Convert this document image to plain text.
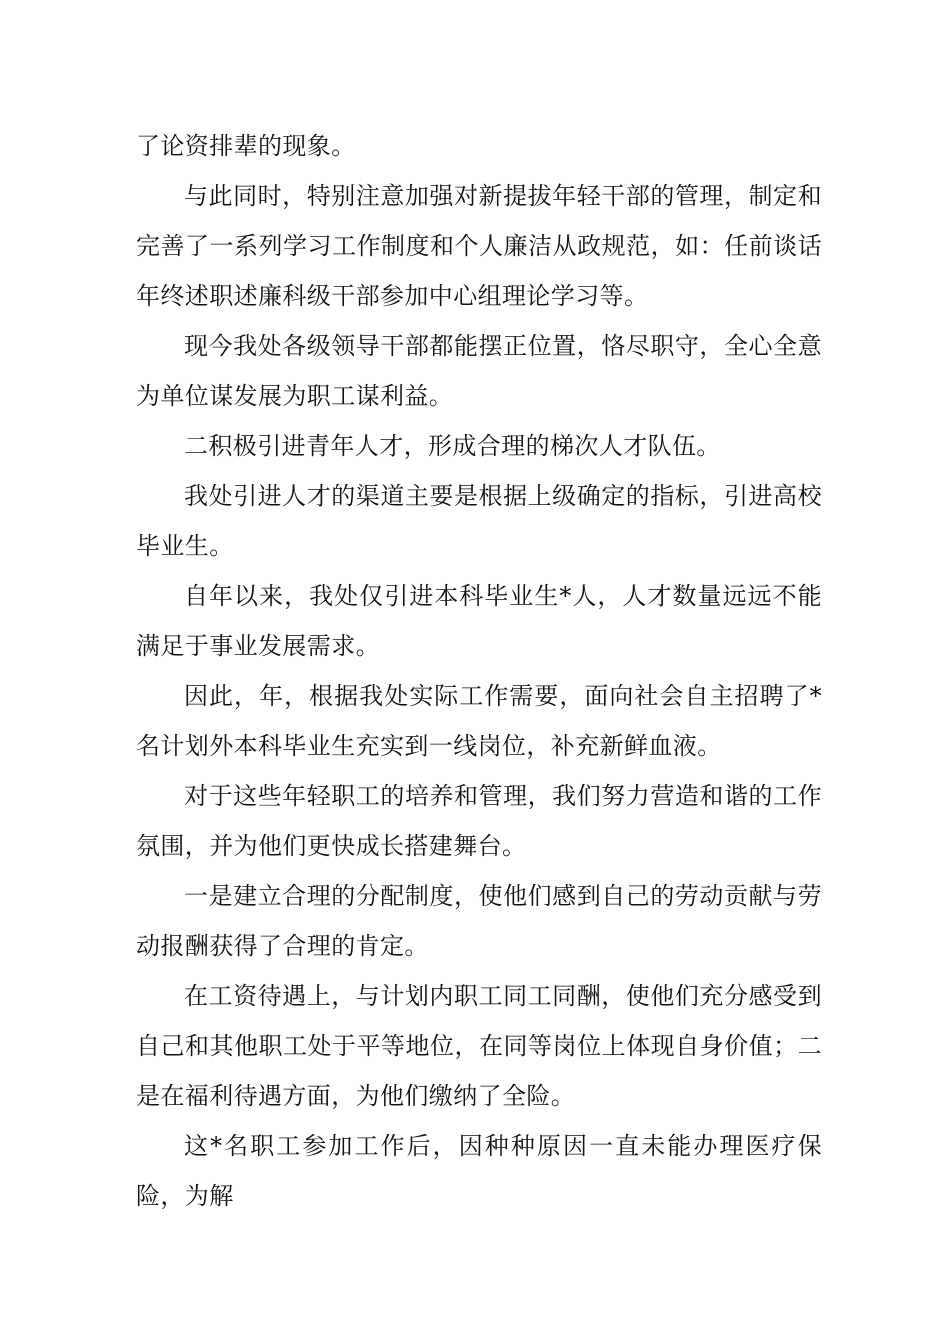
了论资排辈的现象。

与此同时，特别注意加强对新提拔年轻干部的管理，制定和完善了一系列学习工作制度和个人廉洁从政规范，如：任前谈话年终述职述廉科级干部参加中心组理论学习等。

现今我处各级领导干部都能摆正位置，恪尽职守，全心全意为单位谋发展为职工谋利益。

二积极引进青年人才，形成合理的梯次人才队伍。

我处引进人才的渠道主要是根据上级确定的指标，引进高校毕业生。

自年以来，我处仅引进本科毕业生*人，人才数量远远不能满足于事业发展需求。

因此，年，根据我处实际工作需要，面向社会自主招聘了*名计划外本科毕业生充实到一线岗位，补充新鲜血液。

对于这些年轻职工的培养和管理，我们努力营造和谐的工作氛围，并为他们更快成长搭建舞台。

一是建立合理的分配制度，使他们感到自己的劳动贡献与劳动报酬获得了合理的肯定。

在工资待遇上，与计划内职工同工同酬，使他们充分感受到自己和其他职工处于平等地位，在同等岗位上体现自身价值；二是在福利待遇方面，为他们缴纳了全险。

这*名职工参加工作后，因种种原因一直未能办理医疗保险，为解
